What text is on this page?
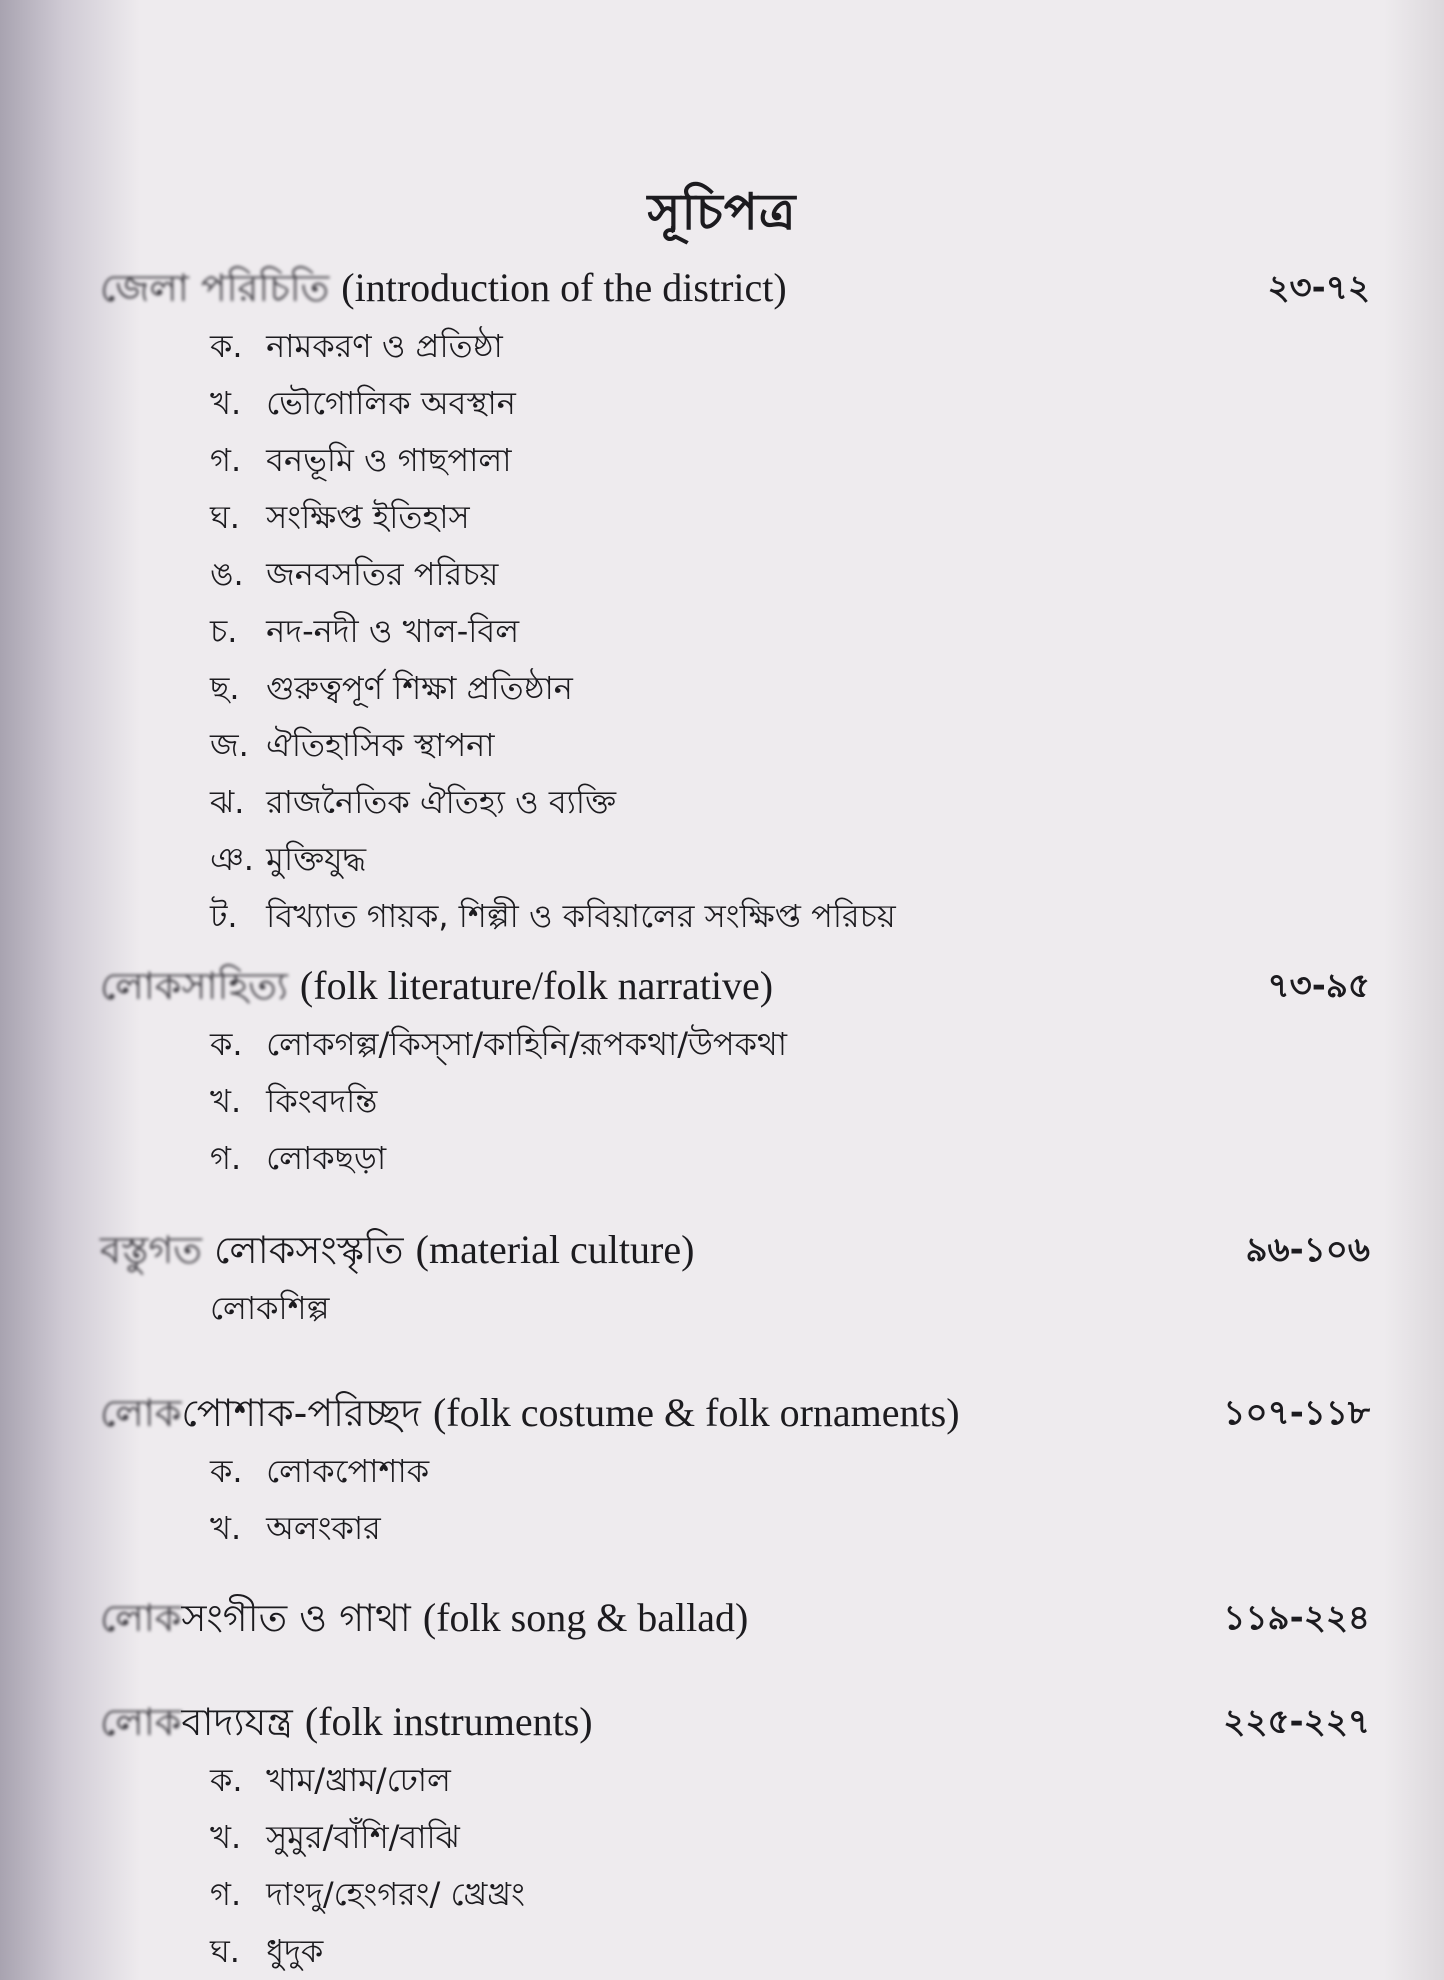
সূচিপত্র
জেলা পরিচিতি (introduction of the district)	২৩-৭২
ক. নামকরণ ও প্রতিষ্ঠা
খ. ভৌগোলিক অবস্থান
গ. বনভূমি ও গাছপালা
ঘ. সংক্ষিপ্ত ইতিহাস
ঙ. জনবসতির পরিচয়
চ. নদ-নদী ও খাল-বিল
ছ. গুরুত্বপূর্ণ শিক্ষা প্রতিষ্ঠান
জ. ঐতিহাসিক স্থাপনা
ঝ. রাজনৈতিক ঐতিহ্য ও ব্যক্তি
ঞ. মুক্তিযুদ্ধ
ট. বিখ্যাত গায়ক, শিল্পী ও কবিয়ালের সংক্ষিপ্ত পরিচয়
লোকসাহিত্য (folk literature/folk narrative)	৭৩-৯৫
ক. লোকগল্প/কিস্‌সা/কাহিনি/রূপকথা/উপকথা
খ. কিংবদন্তি
গ. লোকছড়া
বস্তুগত লোকসংস্কৃতি (material culture)	৯৬-১০৬
লোকশিল্প
লোকপোশাক-পরিচ্ছদ (folk costume & folk ornaments)	১০৭-১১৮
ক. লোকপোশাক
খ. অলংকার
লোকসংগীত ও গাথা (folk song & ballad)	১১৯-২২৪
লোকবাদ্যযন্ত্র (folk instruments)	২২৫-২২৭
ক. খাম/খ্রাম/ঢোল
খ. সুমুর/বাঁশি/বাঝি
গ. দাংদু/হেংগরং/ খ্রেখ্রং
ঘ. ধুদুক
